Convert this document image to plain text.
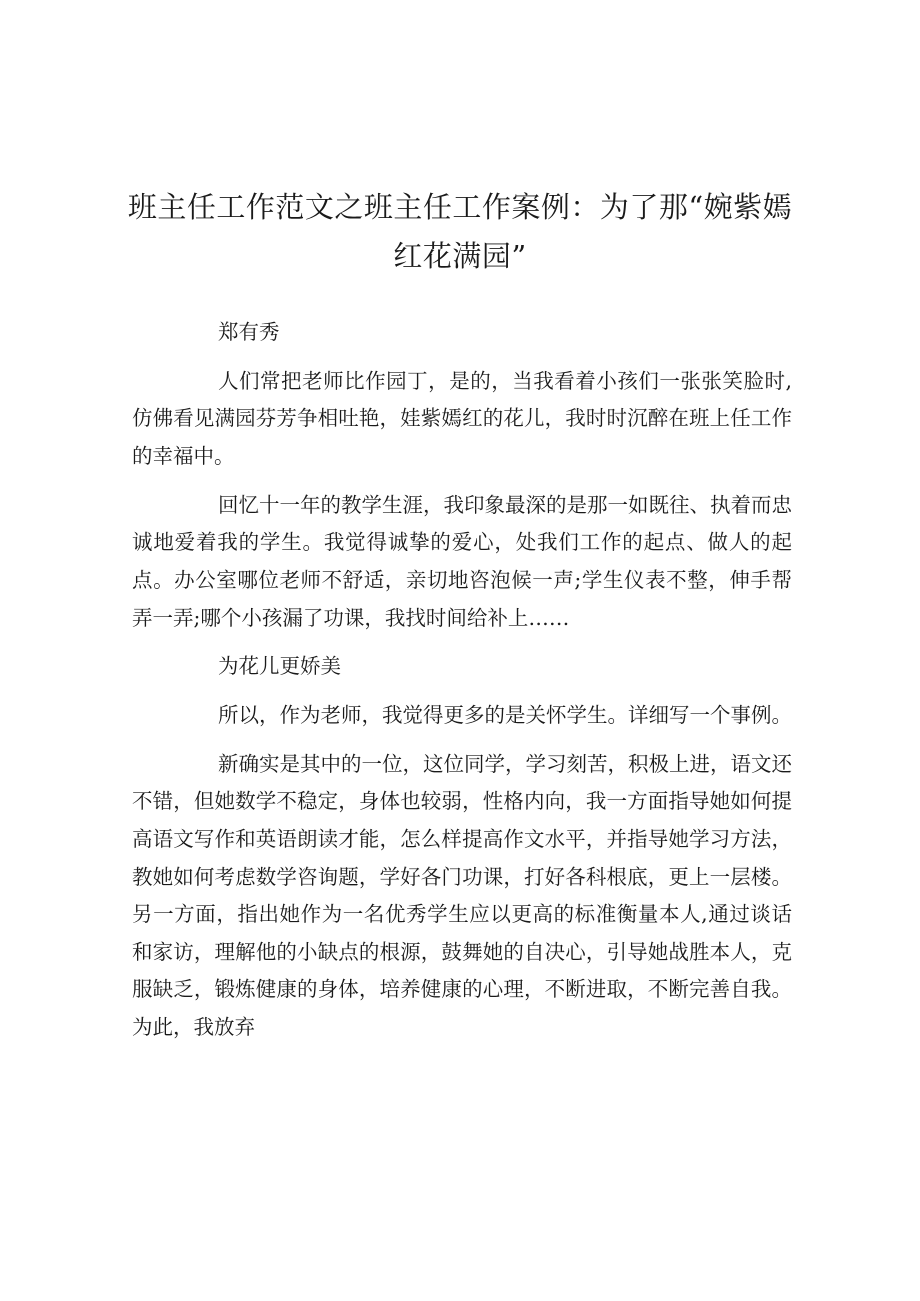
班主任工作范文之班主任工作案例：为了那“婉紫嫣红花满园”

郑有秀

人们常把老师比作园丁，是的，当我看着小孩们一张张笑脸时,仿佛看见满园芬芳争相吐艳，娃紫嫣红的花儿，我时时沉醉在班上任工作的幸福中。

回忆十一年的教学生涯，我印象最深的是那一如既往、执着而忠诚地爱着我的学生。我觉得诚挚的爱心，处我们工作的起点、做人的起点。办公室哪位老师不舒适，亲切地咨泡候一声;学生仪表不整，伸手帮弄一弄;哪个小孩漏了功课，我找时间给补上……

为花儿更娇美

所以，作为老师，我觉得更多的是关怀学生。详细写一个事例。

新确实是其中的一位，这位同学，学习刻苦，积极上进，语文还不错，但她数学不稳定，身体也较弱，性格内向，我一方面指导她如何提高语文写作和英语朗读才能，怎么样提高作文水平，并指导她学习方法，教她如何考虑数学咨询题，学好各门功课，打好各科根底，更上一层楼。另一方面，指出她作为一名优秀学生应以更高的标准衡量本人,通过谈话和家访，理解他的小缺点的根源，鼓舞她的自决心，引导她战胜本人，克服缺乏，锻炼健康的身体，培养健康的心理，不断进取，不断完善自我。为此，我放弃
